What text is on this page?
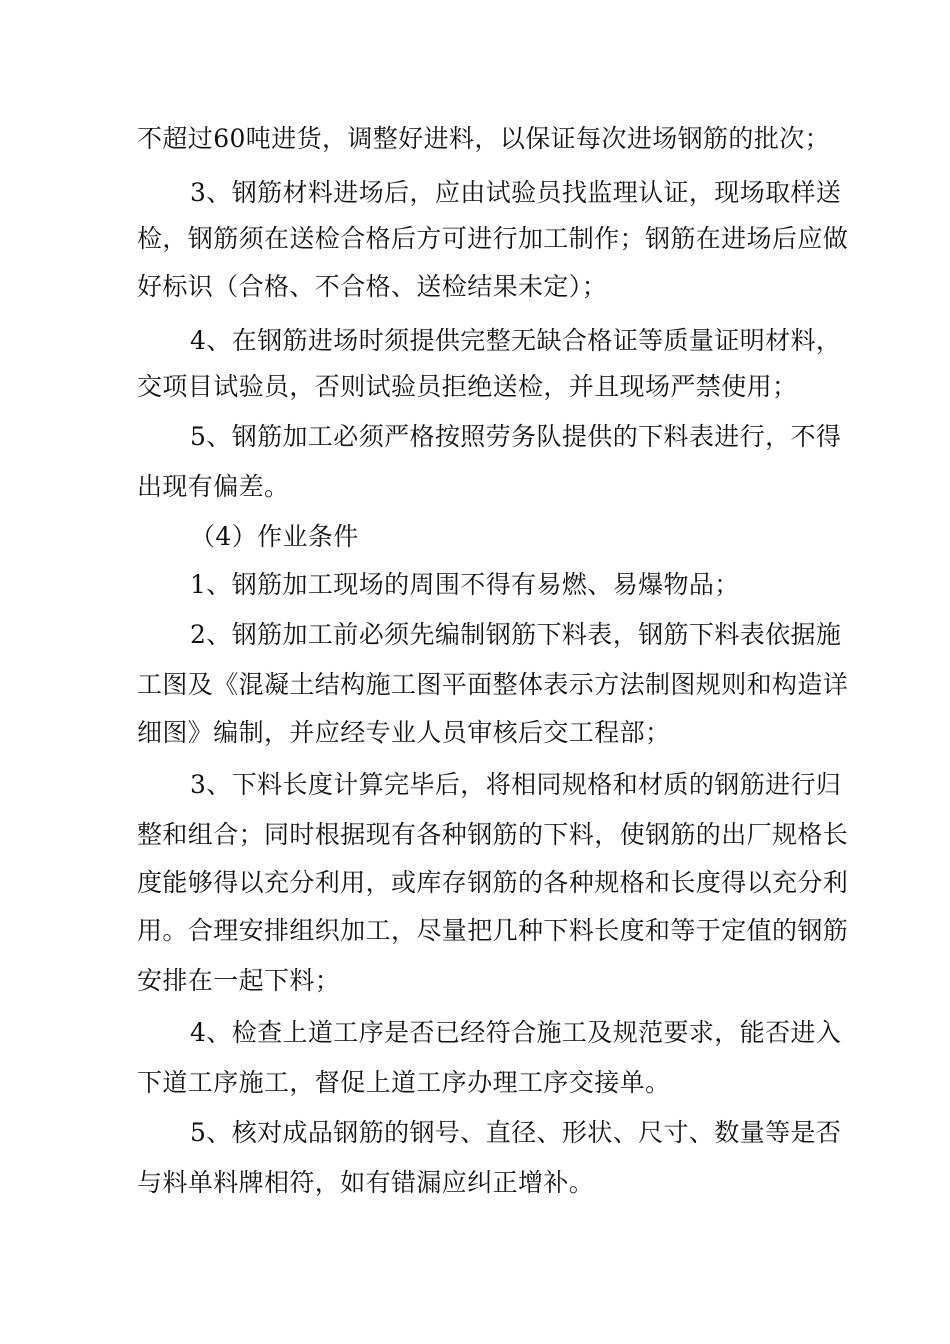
不超过60吨进货，调整好进料，以保证每次进场钢筋的批次；
3、钢筋材料进场后，应由试验员找监理认证，现场取样送
检，钢筋须在送检合格后方可进行加工制作；钢筋在进场后应做
好标识（合格、不合格、送检结果未定）；
4、在钢筋进场时须提供完整无缺合格证等质量证明材料，
交项目试验员，否则试验员拒绝送检，并且现场严禁使用；
5、钢筋加工必须严格按照劳务队提供的下料表进行，不得
出现有偏差。
（4）作业条件
1、钢筋加工现场的周围不得有易燃、易爆物品；
2、钢筋加工前必须先编制钢筋下料表，钢筋下料表依据施
工图及《混凝土结构施工图平面整体表示方法制图规则和构造详
细图》编制，并应经专业人员审核后交工程部；
3、下料长度计算完毕后，将相同规格和材质的钢筋进行归
整和组合；同时根据现有各种钢筋的下料，使钢筋的出厂规格长
度能够得以充分利用，或库存钢筋的各种规格和长度得以充分利
用。合理安排组织加工，尽量把几种下料长度和等于定值的钢筋
安排在一起下料；
4、检查上道工序是否已经符合施工及规范要求，能否进入
下道工序施工，督促上道工序办理工序交接单。
5、核对成品钢筋的钢号、直径、形状、尺寸、数量等是否
与料单料牌相符，如有错漏应纠正增补。
